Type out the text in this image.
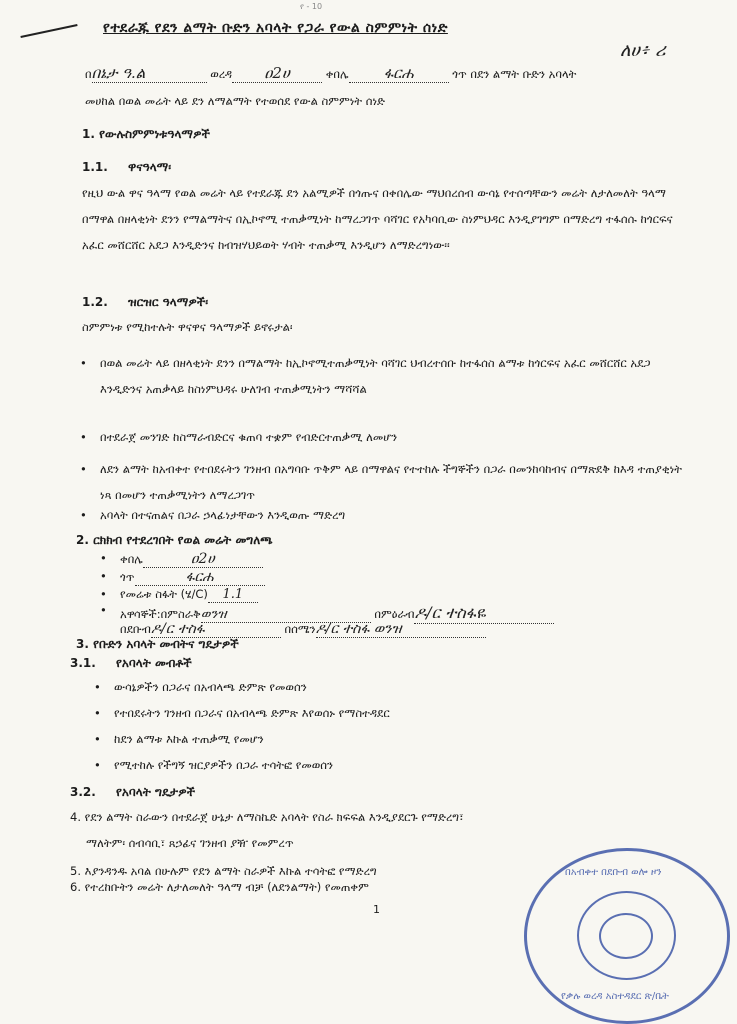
የ - 10
የተደራጁ የደን ልማት ቡድን አባላት የጋራ የውል ስምምነት ሰነድ
ለሀ፥ ሪ
በበኔታ ዓ.ል	ወረዳ ዐ2ሀ	ቀበሌ ፋርሐ	ጎጥ በደን ልማት ቡድን አባላት
መሀከል በወል መሬት ላይ ደን ለማልማት የተወሰደ የውል ስምምነት ሰነድ
1. የውሉስምምነቱዓላማዎች
1.1. ዋናዓላማ፡
የዚህ ውል ዋና ዓላማ የወል መሬት ላይ የተደራጁ ደን አልሚዎች በጎጡና በቀበሌው ማህበረሰብ ውሳኔ የተሰጣቸውን መሬት ለታለመለት ዓላማ በማዋል በዘላቂነት ደንን የማልማትና በኢኮኖሚ ተጠቃሚነት ከማረጋገጥ ባሻገር የአካባቢው ስነምህዳር እንዲያገግም በማድረግ ተፋሰሱ ከጎርፍና አፈር መሸርሸር አደጋ እንዲድንና ከብዝሃህይወት ሃብት ተጠቃሚ እንዲሆን ለማድረግነው፡፡
1.2. ዝርዝር ዓላማዎች፡
ስምምነቱ የሚከተሉት ዋናዋና ዓላማዎች ይኖሩታል፡
• በወል መሬት ላይ በዘላቂነት ደንን በማልማት ከኢኮኖሚተጠቃሚነት ባሻገር ህብረተሰቡ ከተፋሰስ ልማቱ ከጎርፍና አፈር መሸርሸር አደጋ እንዲድንና አጠቃላይ ከስነምህዳሩ ሁለገብ ተጠቃሚነትን ማሻሻል
• በተደራጀ መንገድ ከስማራብድርና ቁጠባ ተቋም የብድርተጠቃሚ ለመሆን
• ለደን ልማት ከአብቀተ የተበደሩትን ገንዘብ በአግባቡ ጥቅም ላይ በማዋልና የተተከሉ ችግኞችን በጋራ በመንከባከብና በማጽደቅ ከእዳ ተጠያቂነት ነጻ በመሆን ተጠቃሚነትን ለማረጋገጥ
• አባላት በተናጠልና በጋራ ኃላፊነታቸውን እንዲወጡ ማድረግ
2. ርክክብ የተደረገበት የወል መሬት መግለጫ
• ቀበሌ	ዐ2ሀ
• ጎጥ	ፋርሐ
• የመሬቱ ስፋት (ሄ/C) 1.1
• አዋሳኞች:በምስራቅወንዝ	በምዕራብዶ/ር ተስፋዬ
በደቡብዶ/ር ተስፋ	በሰሜንዶ/ር ተስፋ ወንዝ
3. የቡድን አባላት መብትና ግዴታዎች
3.1. የአባላት መብቶች
• ውሳኔዎችን በጋራና በአብላጫ ድምጽ የመወሰን
• የተበደሩትን ገንዘብ በጋራና በአብላጫ ድምጽ እየወሰኑ የማስተዳደር
• ከደን ልማቱ እኩል ተጠቃሚ የመሆን
• የሚተከሉ የችግኝ ዝርያዎችን በጋራ ተሳትፎ የመወሰን
3.2. የአባላት ግዴታዎች
4. የደን ልማት ስራውን በተደራጀ ሁኔታ ለማስኬድ አባላት የስራ ክፍፍል እንዲያደርጉ የማድረግ፣
ማለትም፡ ሰብሳቢ፣ ጸኃፊና ገንዘብ ያዥ የመምረጥ
5. እያንዳንዱ አባል በሁሉም የደን ልማት ስራዎች እኩል ተሳትፎ የማድረግ
6. የተረከቡትን መሬት ለታለመለት ዓላማ ብቻ (ለደንልማት) የመጠቀም
1
በአብቀተ በደቡብ ወሎ ዞን
የቃሉ ወረዳ አስተዳደር ጽ/ቤት
